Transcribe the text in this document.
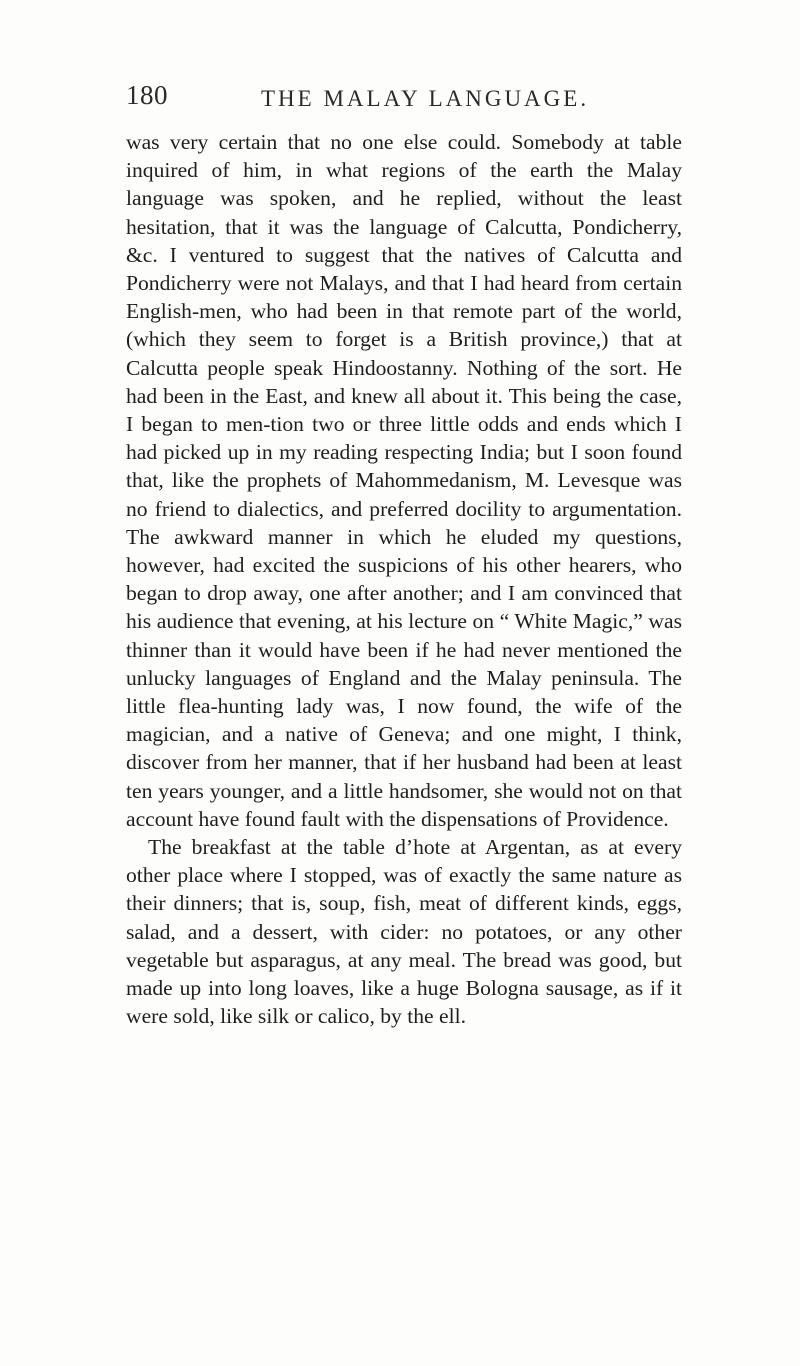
180	THE MALAY LANGUAGE.

was very certain that no one else could. Somebody at table inquired of him, in what regions of the earth the Malay language was spoken, and he replied, without the least hesitation, that it was the language of Calcutta, Pondicherry, &c. I ventured to suggest that the natives of Calcutta and Pondicherry were not Malays, and that I had heard from certain English-men, who had been in that remote part of the world, (which they seem to forget is a British province,) that at Calcutta people speak Hindoostanny. Nothing of the sort. He had been in the East, and knew all about it. This being the case, I began to men-tion two or three little odds and ends which I had picked up in my reading respecting India; but I soon found that, like the prophets of Mahommedanism, M. Levesque was no friend to dialectics, and preferred docility to argumentation. The awkward manner in which he eluded my questions, however, had excited the suspicions of his other hearers, who began to drop away, one after another; and I am convinced that his audience that evening, at his lecture on “ White Magic,” was thinner than it would have been if he had never mentioned the unlucky languages of England and the Malay peninsula. The little flea-hunting lady was, I now found, the wife of the magician, and a native of Geneva; and one might, I think, discover from her manner, that if her husband had been at least ten years younger, and a little handsomer, she would not on that account have found fault with the dispensations of Providence.

The breakfast at the table d’hote at Argentan, as at every other place where I stopped, was of exactly the same nature as their dinners; that is, soup, fish, meat of different kinds, eggs, salad, and a dessert, with cider: no potatoes, or any other vegetable but asparagus, at any meal. The bread was good, but made up into long loaves, like a huge Bologna sausage, as if it were sold, like silk or calico, by the ell.
